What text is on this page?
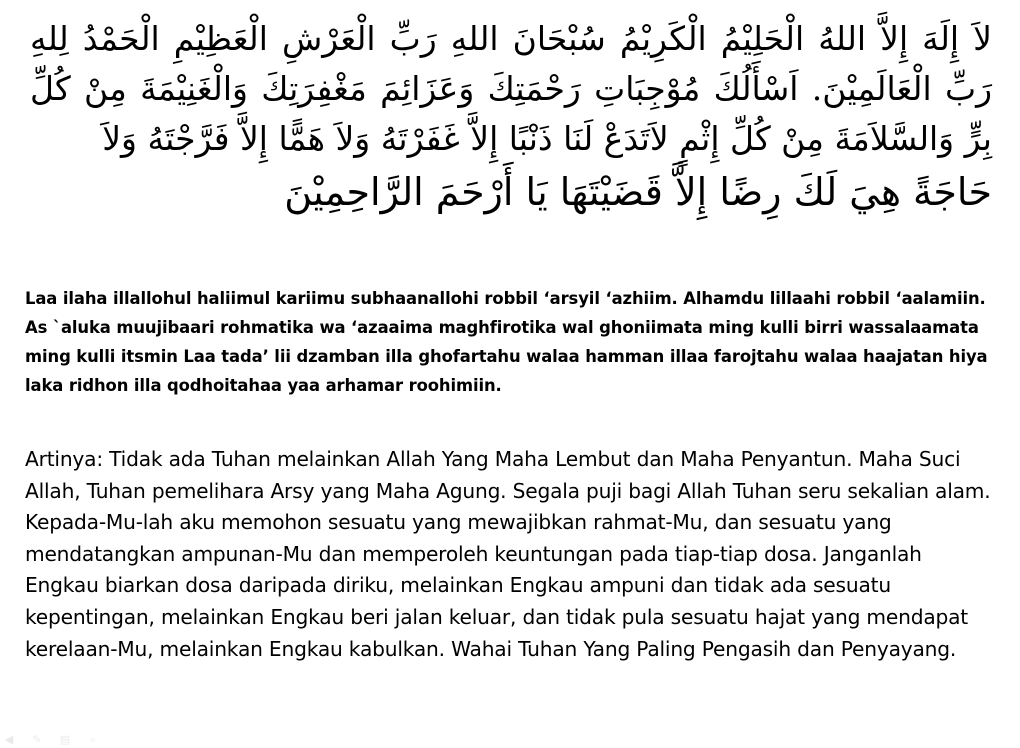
لاَ إِلَهَ إِلاَّ اللهُ الْحَلِيْمُ الْكَرِيْمُ سُبْحَانَ اللهِ رَبِّ الْعَرْشِ الْعَظِيْمِ الْحَمْدُ لِلهِ رَبِّ الْعَالَمِيْنَ. اَسْأَلُكَ مُوْجِبَاتِ رَحْمَتِكَ وَعَزَائِمَ مَغْفِرَتِكَ وَالْغَنِيْمَةَ مِنْ كُلِّ بِرٍّ وَالسَّلاَمَةَ مِنْ كُلِّ إِثْمٍ لاَتَدَعْ لَنَا ذَنْبًا إِلاَّ غَفَرْتَهُ وَلاَ هَمًّا إِلاَّ فَرَّجْتَهُ وَلاَ
حَاجَةً هِيَ لَكَ رِضًا إِلاَّ قَضَيْتَهَا يَا أَرْحَمَ الرَّاحِمِيْنَ
Laa ilaha illallohul haliimul kariimu subhaanallohi robbil ‘arsyil ‘azhiim. Alhamdu lillaahi robbil ‘aalamiin. As `aluka muujibaari rohmatika wa ‘azaaima maghfirotika wal ghoniimata ming kulli birri wassalaamata ming kulli itsmin Laa tada’ lii dzamban illa ghofartahu walaa hamman illaa farojtahu walaa haajatan hiya laka ridhon illa qodhoitahaa yaa arhamar roohimiin.
Artinya: Tidak ada Tuhan melainkan Allah Yang Maha Lembut dan Maha Penyantun. Maha Suci Allah, Tuhan pemelihara Arsy yang Maha Agung. Segala puji bagi Allah Tuhan seru sekalian alam. Kepada-Mu-lah aku memohon sesuatu yang mewajibkan rahmat-Mu, dan sesuatu yang mendatangkan ampunan-Mu dan memperoleh keuntungan pada tiap-tiap dosa. Janganlah Engkau biarkan dosa daripada diriku, melainkan Engkau ampuni dan tidak ada sesuatu kepentingan, melainkan Engkau beri jalan keluar, dan tidak pula sesuatu hajat yang mendapat kerelaan-Mu, melainkan Engkau kabulkan. Wahai Tuhan Yang Paling Pengasih dan Penyayang.
◀	✎	▤	⌕
